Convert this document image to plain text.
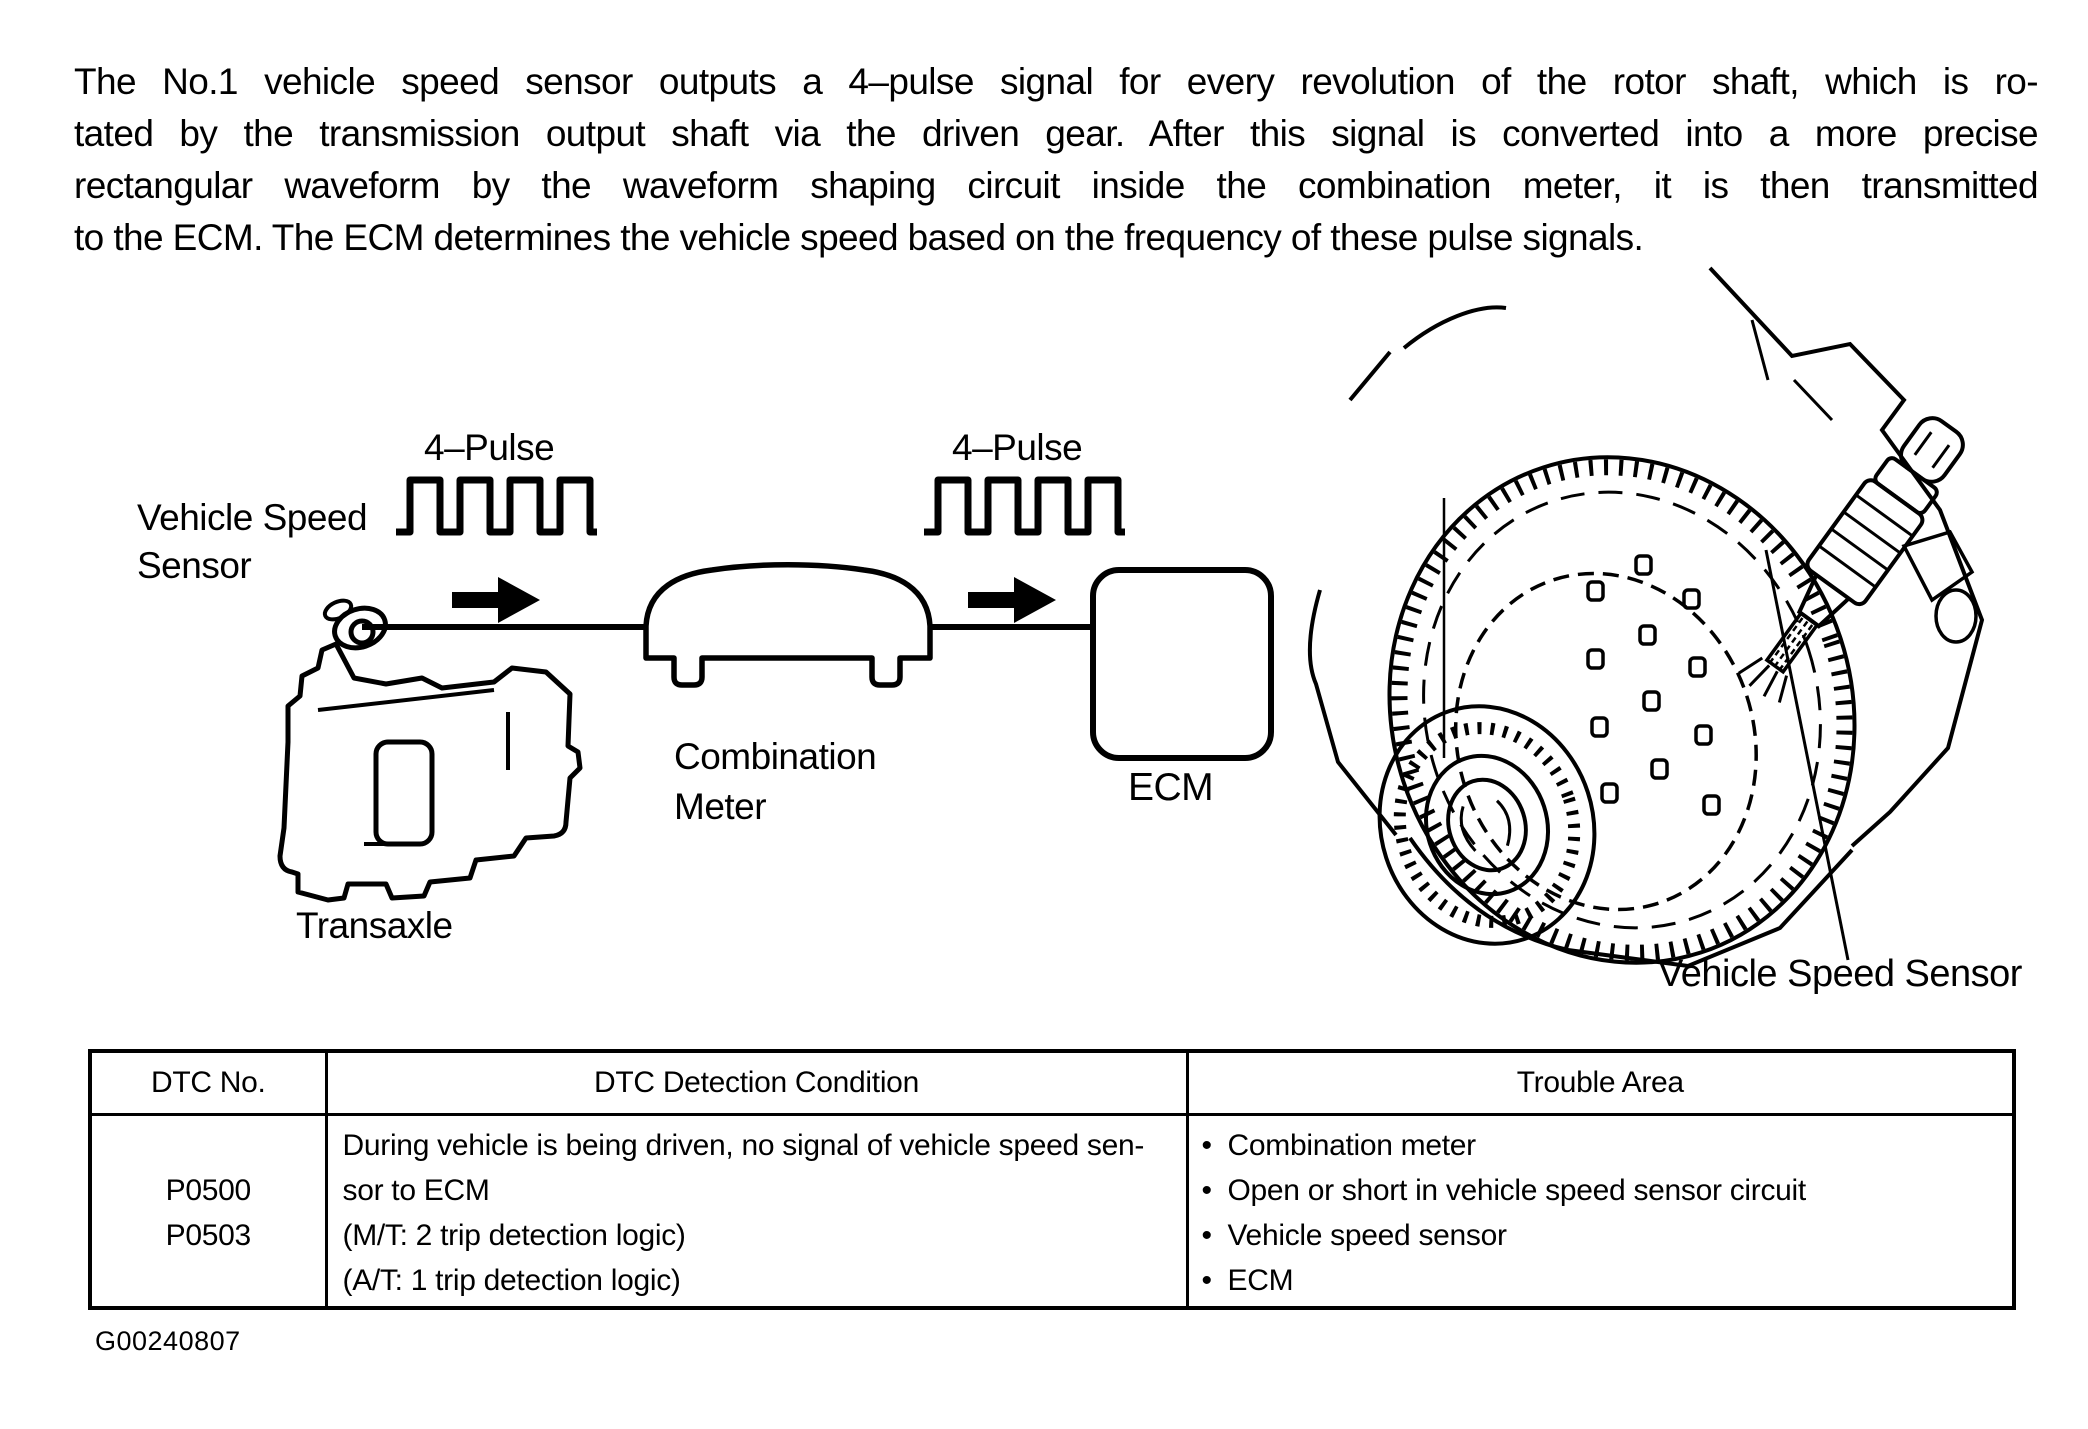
The No.1 vehicle speed sensor outputs a 4–pulse signal for every revolution of the rotor shaft, which is ro-
tated by the transmission output shaft via the driven gear. After this signal is converted into a more precise
rectangular waveform by the waveform shaping circuit inside the combination meter, it is then transmitted
to the ECM. The ECM determines the vehicle speed based on the frequency of these pulse signals.
4–Pulse	4–Pulse
Vehicle Speed Sensor
Combination Meter	ECM
Transaxle
Vehicle Speed Sensor
DTC No.	DTC Detection Condition	Trouble Area

P0500
P0503

During vehicle is being driven, no signal of vehicle speed sen-
sor to ECM
(M/T: 2 trip detection logic)
(A/T: 1 trip detection logic)

• Combination meter
• Open or short in vehicle speed sensor circuit
• Vehicle speed sensor
• ECM
G00240807
